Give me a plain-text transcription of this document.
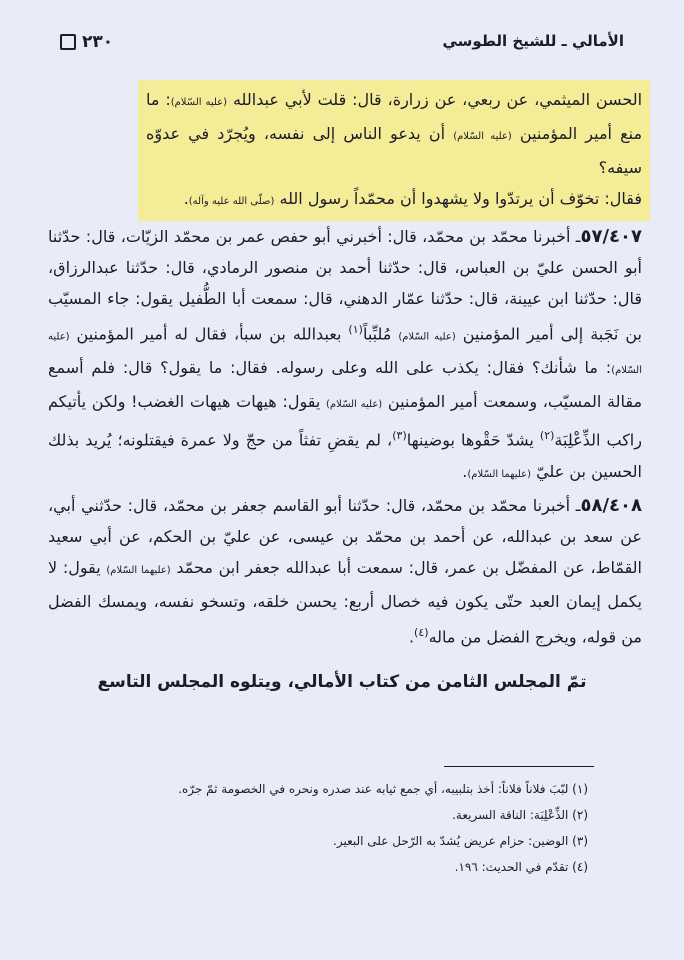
٢٣٠	الأمالي ـ للشيخ الطوسي

الحسن الميثمي، عن ربعي، عن زرارة، قال: قلت لأبي عبدالله (عليه السّلام): ما منع أمير المؤمنين (عليه السّلام) أن يدعو الناس إلى نفسه، ويُجرّد في عدوّه سيفه؟

فقال: تخوّف أن يرتدّوا ولا يشهدوا أن محمّداً رسول الله (صلّى الله عليه وآله).

٥٧/٤٠٧ـ أخبرنا محمّد بن محمّد، قال: أخبرني أبو حفص عمر بن محمّد الزيّات، قال: حدّثنا أبو الحسن عليّ بن العباس، قال: حدّثنا أحمد بن منصور الرمادي، قال: حدّثنا عبدالرزاق، قال: حدّثنا ابن عيينة، قال: حدّثنا عمّار الدهني، قال: سمعت أبا الطُّفيل يقول: جاء المسيّب بن نَجَبة إلى أمير المؤمنين (عليه السّلام) مُلبِّباً$^{(١)}$ بعبدالله بن سبأ، فقال له أمير المؤمنين (عليه السّلام): ما شأنك؟ فقال: يكذب على الله وعلى رسوله. فقال: ما يقول؟ قال: فلم أسمع مقالة المسيّب، وسمعت أمير المؤمنين (عليه السّلام) يقول: هيهات هيهات الغضب! ولكن يأتيكم راكب الذِّعْلِبَة$^{(٢)}$ يشدّ حَقْوها بوضينها$^{(٣)}$، لم يقضِ تفثاً من حجّ ولا عمرة فيقتلونه؛ يُريد بذلك الحسين بن عليّ (عليهما السّلام).

٥٨/٤٠٨ـ أخبرنا محمّد بن محمّد، قال: حدّثنا أبو القاسم جعفر بن محمّد، قال: حدّثني أبي، عن سعد بن عبدالله، عن أحمد بن محمّد بن عيسى، عن عليّ بن الحكم، عن أبي سعيد القمّاط، عن المفضّل بن عمر، قال: سمعت أبا عبدالله جعفر ابن محمّد (عليهما السّلام) يقول: لا يكمل إيمان العبد حتّى يكون فيه خصال أربع: يحسن خلقه، وتسخو نفسه، ويمسك الفضل من قوله، ويخرج الفضل من ماله$^{(٤)}$.

تمّ المجلس الثامن من كتاب الأمالي، ويتلوه المجلس التاسع

(١) لبّبَ فلاناً فلاناً: أخذ بتلبيبه، أي جمع ثيابه عند صدره ونحره في الخصومة ثمّ جرّه.

(٢) الذِّعْلِبَة: الناقة السريعة.

(٣) الوضين: حزام عريض يُشدّ به الرّحل على البعير.

(٤) تقدّم في الحديث: ١٩٦.
